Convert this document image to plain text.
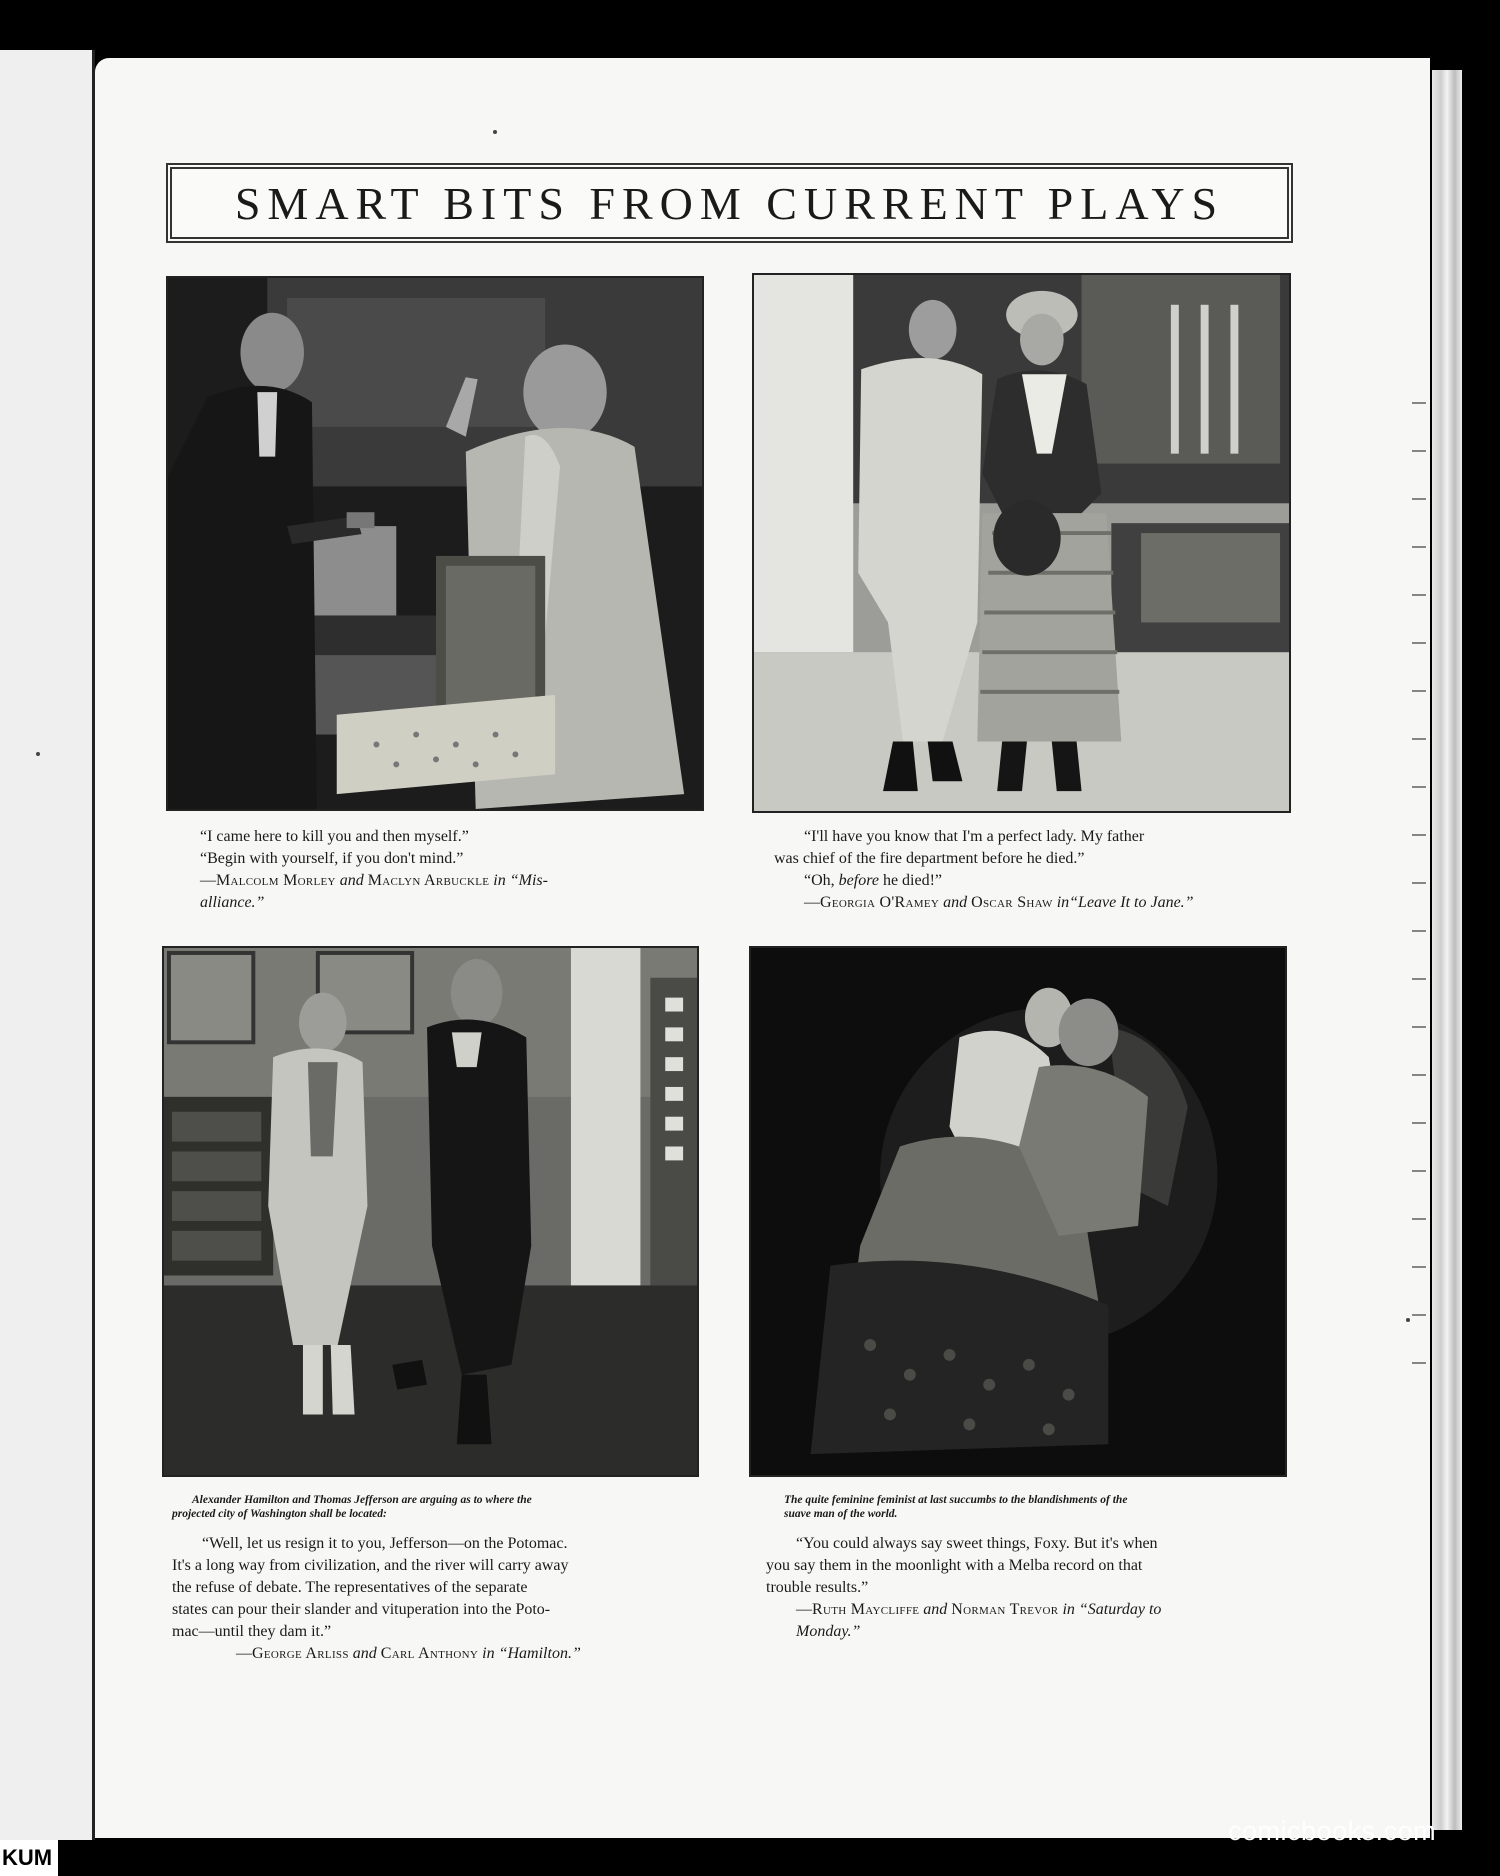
SMART BITS FROM CURRENT PLAYS
“I came here to kill you and then myself.”
“Begin with yourself, if you don't mind.”
—Malcolm Morley and Maclyn Arbuckle in “Mis-
alliance.”
“I'll have you know that I'm a perfect lady. My father
was chief of the fire department before he died.”
“Oh, before he died!”
—Georgia O'Ramey and Oscar Shaw in“Leave It to Jane.”
Alexander Hamilton and Thomas Jefferson are arguing as to where the
projected city of Washington shall be located:
“Well, let us resign it to you, Jefferson—on the Potomac.
It's a long way from civilization, and the river will carry away
the refuse of debate. The representatives of the separate
states can pour their slander and vituperation into the Poto-
mac—until they dam it.”
—George Arliss and Carl Anthony in “Hamilton.”
The quite feminine feminist at last succumbs to the blandishments of the
suave man of the world.
“You could always say sweet things, Foxy. But it's when
you say them in the moonlight with a Melba record on that
trouble results.”
—Ruth Maycliffe and Norman Trevor in “Saturday to
Monday.”
comicbooks.com
KUM
